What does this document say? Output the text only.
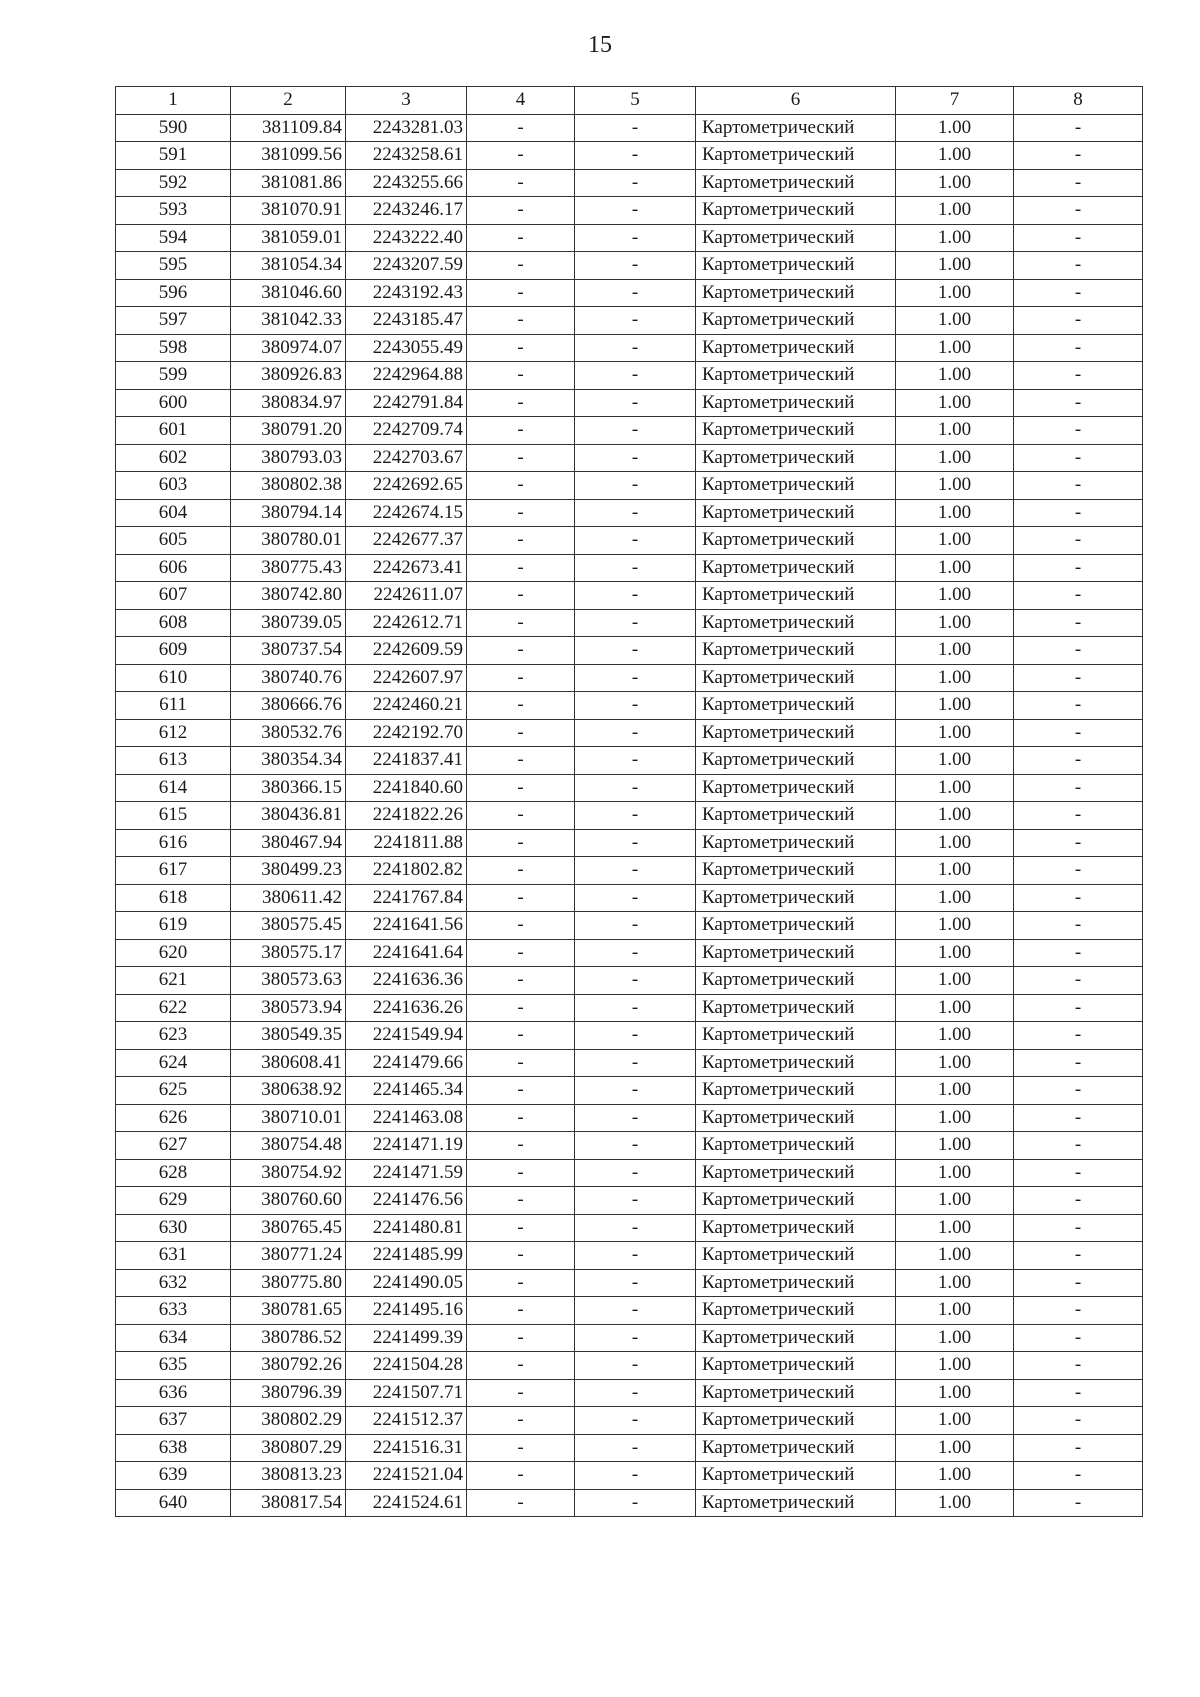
15
1	2	3	4	5	6	7	8
590	381109.84	2243281.03	-	-	Картометрический	1.00	-
591	381099.56	2243258.61	-	-	Картометрический	1.00	-
592	381081.86	2243255.66	-	-	Картометрический	1.00	-
593	381070.91	2243246.17	-	-	Картометрический	1.00	-
594	381059.01	2243222.40	-	-	Картометрический	1.00	-
595	381054.34	2243207.59	-	-	Картометрический	1.00	-
596	381046.60	2243192.43	-	-	Картометрический	1.00	-
597	381042.33	2243185.47	-	-	Картометрический	1.00	-
598	380974.07	2243055.49	-	-	Картометрический	1.00	-
599	380926.83	2242964.88	-	-	Картометрический	1.00	-
600	380834.97	2242791.84	-	-	Картометрический	1.00	-
601	380791.20	2242709.74	-	-	Картометрический	1.00	-
602	380793.03	2242703.67	-	-	Картометрический	1.00	-
603	380802.38	2242692.65	-	-	Картометрический	1.00	-
604	380794.14	2242674.15	-	-	Картометрический	1.00	-
605	380780.01	2242677.37	-	-	Картометрический	1.00	-
606	380775.43	2242673.41	-	-	Картометрический	1.00	-
607	380742.80	2242611.07	-	-	Картометрический	1.00	-
608	380739.05	2242612.71	-	-	Картометрический	1.00	-
609	380737.54	2242609.59	-	-	Картометрический	1.00	-
610	380740.76	2242607.97	-	-	Картометрический	1.00	-
611	380666.76	2242460.21	-	-	Картометрический	1.00	-
612	380532.76	2242192.70	-	-	Картометрический	1.00	-
613	380354.34	2241837.41	-	-	Картометрический	1.00	-
614	380366.15	2241840.60	-	-	Картометрический	1.00	-
615	380436.81	2241822.26	-	-	Картометрический	1.00	-
616	380467.94	2241811.88	-	-	Картометрический	1.00	-
617	380499.23	2241802.82	-	-	Картометрический	1.00	-
618	380611.42	2241767.84	-	-	Картометрический	1.00	-
619	380575.45	2241641.56	-	-	Картометрический	1.00	-
620	380575.17	2241641.64	-	-	Картометрический	1.00	-
621	380573.63	2241636.36	-	-	Картометрический	1.00	-
622	380573.94	2241636.26	-	-	Картометрический	1.00	-
623	380549.35	2241549.94	-	-	Картометрический	1.00	-
624	380608.41	2241479.66	-	-	Картометрический	1.00	-
625	380638.92	2241465.34	-	-	Картометрический	1.00	-
626	380710.01	2241463.08	-	-	Картометрический	1.00	-
627	380754.48	2241471.19	-	-	Картометрический	1.00	-
628	380754.92	2241471.59	-	-	Картометрический	1.00	-
629	380760.60	2241476.56	-	-	Картометрический	1.00	-
630	380765.45	2241480.81	-	-	Картометрический	1.00	-
631	380771.24	2241485.99	-	-	Картометрический	1.00	-
632	380775.80	2241490.05	-	-	Картометрический	1.00	-
633	380781.65	2241495.16	-	-	Картометрический	1.00	-
634	380786.52	2241499.39	-	-	Картометрический	1.00	-
635	380792.26	2241504.28	-	-	Картометрический	1.00	-
636	380796.39	2241507.71	-	-	Картометрический	1.00	-
637	380802.29	2241512.37	-	-	Картометрический	1.00	-
638	380807.29	2241516.31	-	-	Картометрический	1.00	-
639	380813.23	2241521.04	-	-	Картометрический	1.00	-
640	380817.54	2241524.61	-	-	Картометрический	1.00	-
